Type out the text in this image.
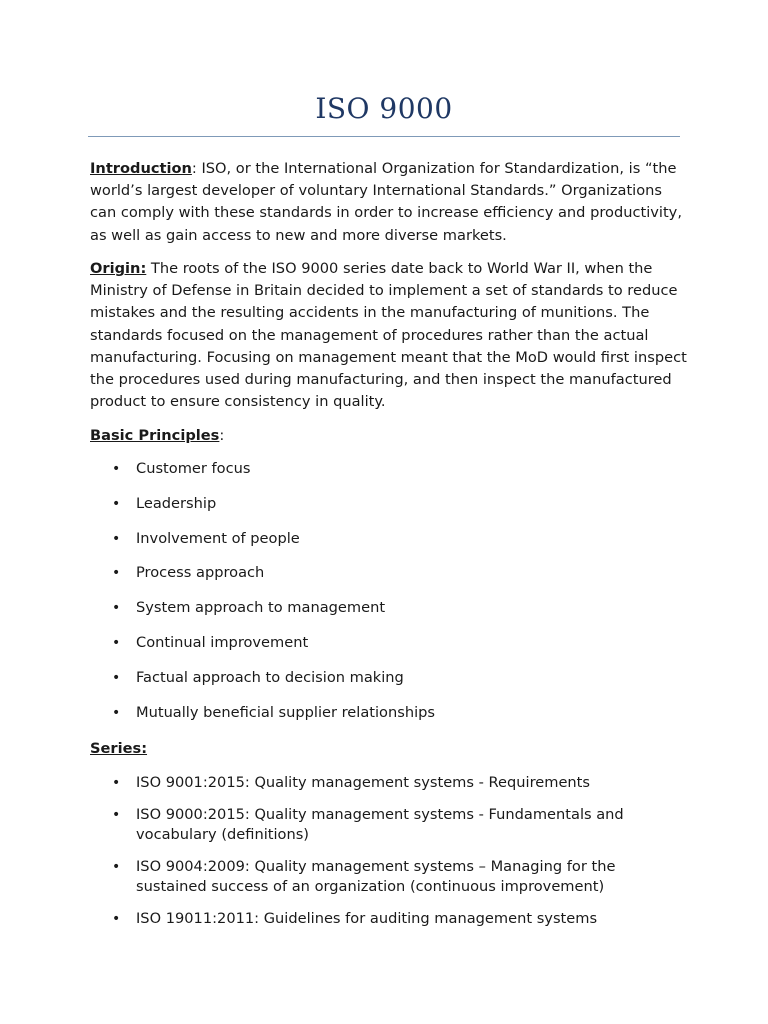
ISO 9000

Introduction: ISO, or the International Organization for Standardization, is “the world’s largest developer of voluntary International Standards.” Organizations can comply with these standards in order to increase efficiency and productivity, as well as gain access to new and more diverse markets.

Origin: The roots of the ISO 9000 series date back to World War II, when the Ministry of Defense in Britain decided to implement a set of standards to reduce mistakes and the resulting accidents in the manufacturing of munitions. The standards focused on the management of procedures rather than the actual manufacturing. Focusing on management meant that the MoD would first inspect the procedures used during manufacturing, and then inspect the manufactured product to ensure consistency in quality.

Basic Principles:

• Customer focus
• Leadership
• Involvement of people
• Process approach
• System approach to management
• Continual improvement
• Factual approach to decision making
• Mutually beneficial supplier relationships

Series:

• ISO 9001:2015: Quality management systems - Requirements
• ISO 9000:2015: Quality management systems - Fundamentals and vocabulary (definitions)
• ISO 9004:2009: Quality management systems – Managing for the sustained success of an organization (continuous improvement)
• ISO 19011:2011: Guidelines for auditing management systems
